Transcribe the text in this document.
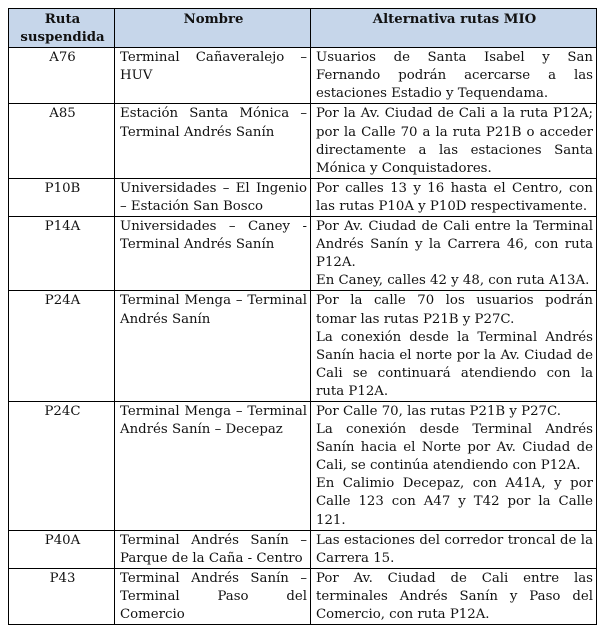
Ruta
suspendida	Nombre	Alternativa rutas MIO
A76	Terminal Cañaveralejo – HUV	Usuarios de Santa Isabel y San Fernando podrán acercarse a las estaciones Estadio y Tequendama.

A85	Estación Santa Mónica – Terminal Andrés Sanín	Por la Av. Ciudad de Cali a la ruta P12A; por la Calle 70 a la ruta P21B o acceder directamente a las estaciones Santa Mónica y Conquistadores.

P10B	Universidades – El Ingenio – Estación San Bosco	Por calles 13 y 16 hasta el Centro, con las rutas P10A y P10D respectivamente.

P14A	Universidades – Caney - Terminal Andrés Sanín	Por Av. Ciudad de Cali entre la Terminal Andrés Sanín y la Carrera 46, con ruta P12A.

En Caney, calles 42 y 48, con ruta A13A.

P24A	Terminal Menga – Terminal Andrés Sanín	Por la calle 70 los usuarios podrán tomar las rutas P21B y P27C.

La conexión desde la Terminal Andrés Sanín hacia el norte por la Av. Ciudad de Cali se continuará atendiendo con la ruta P12A.

P24C	Terminal Menga – Terminal Andrés Sanín – Decepaz	Por Calle 70, las rutas P21B y P27C.

La conexión desde Terminal Andrés Sanín hacia el Norte por Av. Ciudad de Cali, se continúa atendiendo con P12A.

En Calimio Decepaz, con A41A, y por Calle 123 con A47 y T42 por la Calle 121.

P40A	Terminal Andrés Sanín – Parque de la Caña - Centro	Las estaciones del corredor troncal de la Carrera 15.

P43	Terminal Andrés Sanín – Terminal Paso del Comercio	Por Av. Ciudad de Cali entre las terminales Andrés Sanín y Paso del Comercio, con ruta P12A.
